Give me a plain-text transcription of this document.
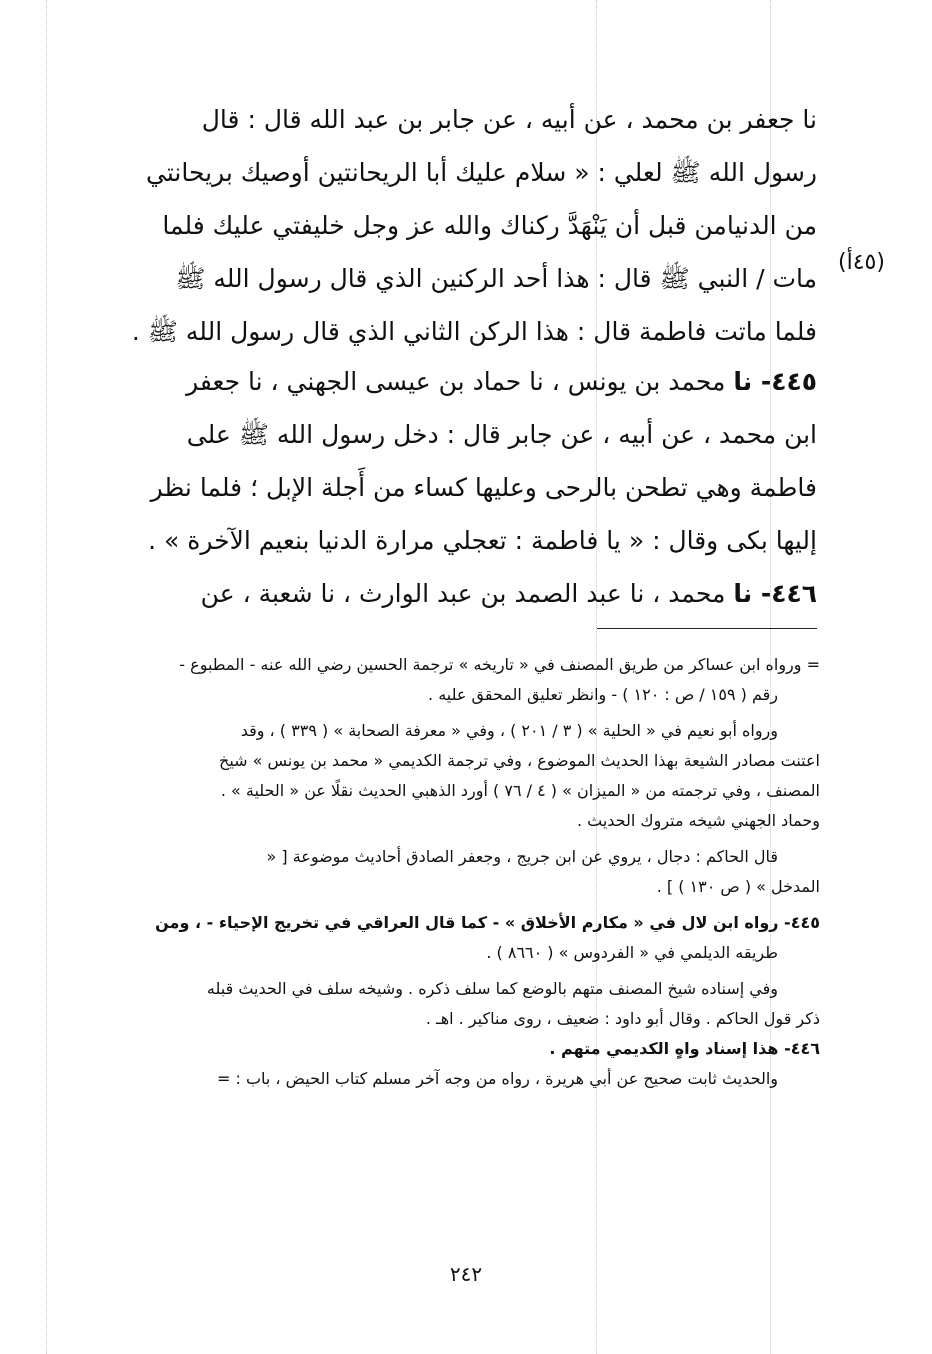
نا جعفر بن محمد ، عن أبيه ، عن جابر بن عبد الله قال : قال
رسول الله ﷺ لعلي : « سلام عليك أبا الريحانتين أوصيك بريحانتي
من الدنيامن قبل أن يَنْهَدَّ ركناك والله عز وجل خليفتي عليك فلما
مات / النبي ﷺ قال : هذا أحد الركنين الذي قال رسول الله ﷺ
فلما ماتت فاطمة قال : هذا الركن الثاني الذي قال رسول الله ﷺ .
(٤٥أ)
٤٤٥- نا محمد بن يونس ، نا حماد بن عيسى الجهني ، نا جعفر
ابن محمد ، عن أبيه ، عن جابر قال : دخل رسول الله ﷺ على
فاطمة وهي تطحن بالرحى وعليها كساء من أَجلة الإبل ؛ فلما نظر
إليها بكى وقال : « يا فاطمة : تعجلي مرارة الدنيا بنعيم الآخرة » .
٤٤٦- نا محمد ، نا عبد الصمد بن عبد الوارث ، نا شعبة ، عن
= ورواه ابن عساكر من طريق المصنف في « تاريخه » ترجمة الحسين رضي الله عنه - المطبوع -
رقم ( ١٥٩ / ص : ١٢٠ ) - وانظر تعليق المحقق عليه .
ورواه أبو نعيم في « الحلية » ( ٣ / ٢٠١ ) ، وفي « معرفة الصحابة » ( ٣٣٩ ) ، وقد
اعتنت مصادر الشيعة بهذا الحديث الموضوع ، وفي ترجمة الكديمي « محمد بن يونس » شيخ
المصنف ، وفي ترجمته من « الميزان » ( ٤ / ٧٦ ) أورد الذهبي الحديث نقلًا عن « الحلية » .
وحماد الجهني شيخه متروك الحديث .
قال الحاكم : دجال ، يروي عن ابن جريج ، وجعفر الصادق أحاديث موضوعة [ «
المدخل » ( ص ١٣٠ ) ] .
٤٤٥- رواه ابن لال في « مكارم الأخلاق » - كما قال العراقي في تخريج الإحياء - ، ومن
طريقه الديلمي في « الفردوس » ( ٨٦٦٠ ) .
وفي إسناده شيخ المصنف متهم بالوضع كما سلف ذكره . وشيخه سلف في الحديث قبله
ذكر قول الحاكم . وقال أبو داود : ضعيف ، روى مناكير . اهـ .
٤٤٦- هذا إسناد واهٍ الكديمي متهم .
والحديث ثابت صحيح عن أبي هريرة ، رواه من وجه آخر مسلم كتاب الحيض ، باب : =
٢٤٢
